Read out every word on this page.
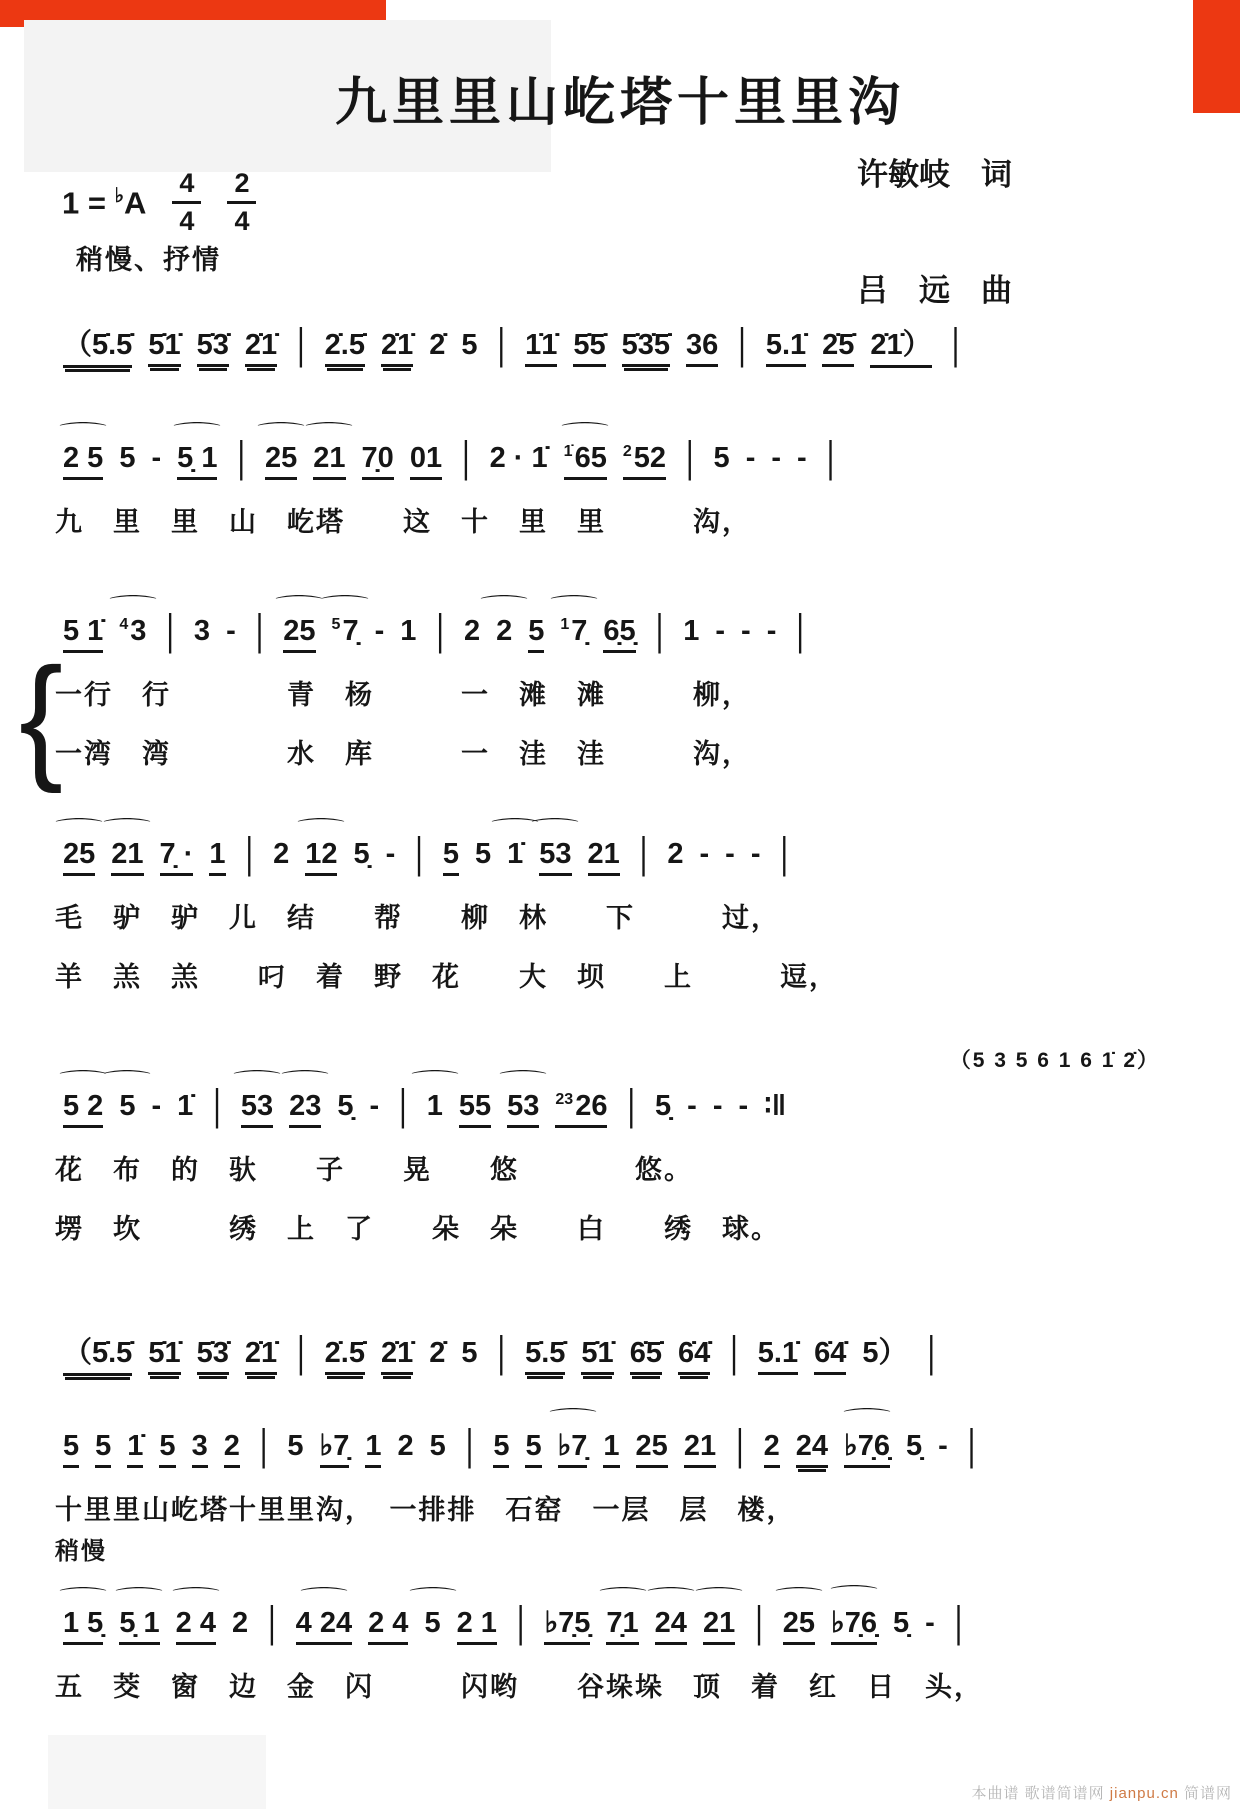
九里里山屹塔十里里沟
许敏岐　词

吕　远　曲
$1 = ^♭A \frac{4}{4} \frac{2}{4}$
稍慢、抒情
（5̇.5̇ 5̇1̇ 5̇3̇ 2̇1̇ | 2̇.5̇ 2̇1̇ 2̇ 5 | 1̇1̇ 5̇5̇ 5̇3̇5̇ 36 | 5.1̇ 2̇5̇ 2̇1̇） |
⌒ 2 5 5 - ⌒ 5̣ 1 | ⌒ 25 ⌒ 21 7̣0 01 | 2 · 1̇ ⌒ $^{1̇}$65 $^2$52 | 5 - - - |
九　里　里　山　屹塔　　这　十　里　里　　　沟，
{
5 1̇ ⌒ $^4$3 | 3 - | ⌒ 25 ⌒ $^5$7̣ - 1 | 2 ⌒ 2 5 ⌒ $^1$7̣ 6̣5̣ | 1 - - - |
一行　行　　　　青　杨　　　一　滩　滩　　　柳，
一湾　湾　　　　水　库　　　一　洼　洼　　　沟，
⌒ 25 ⌒ 21 7̣ · 1 | 2 ⌒ 12 5̣ - | 5 5 ⌒ 1̇ ⌒ 53 21 | 2 - - - |
毛　驴　驴　儿　结　　帮　　柳　林　　下　　　过，
羊　羔　羔　　叼　着　野　花　　大　坝　　上　　　逗，
（5 3 5 6 1 6 1̇ 2̇）
⌒ 5 2 ⌒ 5 - 1̇ | ⌒ 53 ⌒ 23 5̣ - | ⌒ 1 55 ⌒ 53 $^{23}$26 | 5̣ - - - ∶‖
花　布　的　驮　　子　　晃　　悠　　　　悠。
塄　坎　　　绣　上　了　　朵　朵　　白　　绣　球。
（5̇.5̇ 5̇1̇ 5̇3̇ 2̇1̇ | 2̇.5̇ 2̇1̇ 2̇ 5 | 5̇.5̇ 5̇1̇ 6̇5̇ 6̇4̇ | 5.1̇ 6̇4̇ 5） |
5 5 1̇ 5 3 2 | 5 ♭7̣ 1 2 5 | 5 5 ⌒ ♭7̣ 1 25 21 | 2 24 ⌒ ♭7̣6̣ 5̣ - |
十里里山屹塔十里里沟，　一排排　石窑　一层　层　楼，
稍慢
⌒ 1 5̣ ⌒ 5̣ 1 ⌒ 2 4 2 | ⌒ 4 24 2 4 ⌒ 5 2 1 | ♭7̣5̣ ⌒ 7̣1 ⌒ 24 ⌒ 21 | ⌒ 25 ⌒ ♭7̣6̣ 5̣ - |
五　茭　窗　边　金　闪　　　闪哟　　谷垛垛　顶　着　红　日　头，
本曲谱 歌谱简谱网 jianpu.cn 简谱网
